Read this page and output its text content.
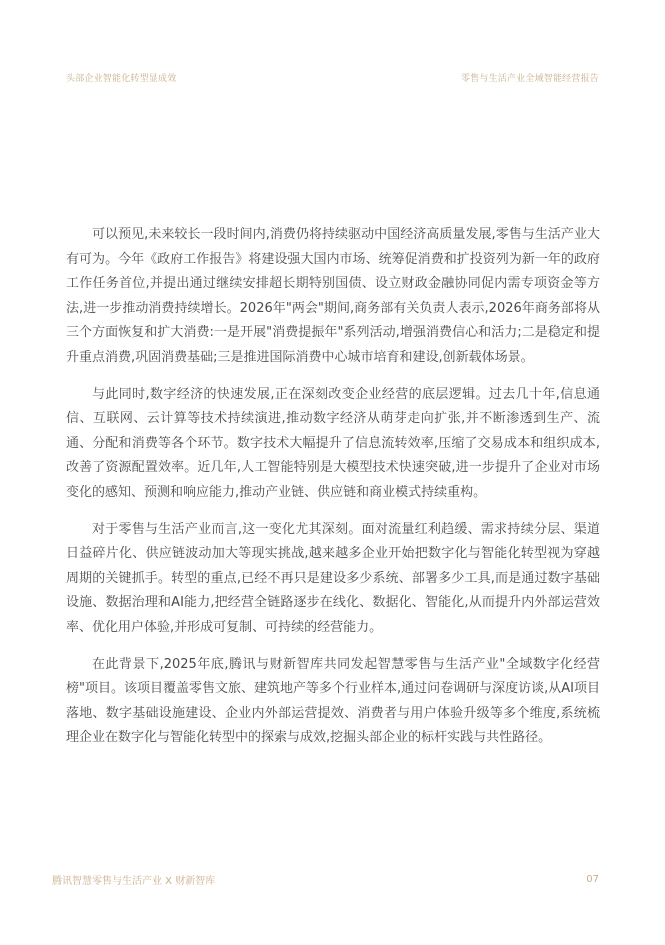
头部企业智能化转型显成效	零售与生活产业全域智能经营报告

可以预见,未来较长一段时间内,消费仍将持续驱动中国经济高质量发展,零售与生活产业大有可为。今年《政府工作报告》将建设强大国内市场、统筹促消费和扩投资列为新一年的政府工作任务首位,并提出通过继续安排超长期特别国债、设立财政金融协同促内需专项资金等方法,进一步推动消费持续增长。2026年"两会"期间,商务部有关负责人表示,2026年商务部将从三个方面恢复和扩大消费:一是开展"消费提振年"系列活动,增强消费信心和活力;二是稳定和提升重点消费,巩固消费基础;三是推进国际消费中心城市培育和建设,创新载体场景。

与此同时,数字经济的快速发展,正在深刻改变企业经营的底层逻辑。过去几十年,信息通信、互联网、云计算等技术持续演进,推动数字经济从萌芽走向扩张,并不断渗透到生产、流通、分配和消费等各个环节。数字技术大幅提升了信息流转效率,压缩了交易成本和组织成本,改善了资源配置效率。近几年,人工智能特别是大模型技术快速突破,进一步提升了企业对市场变化的感知、预测和响应能力,推动产业链、供应链和商业模式持续重构。

对于零售与生活产业而言,这一变化尤其深刻。面对流量红利趋缓、需求持续分层、渠道日益碎片化、供应链波动加大等现实挑战,越来越多企业开始把数字化与智能化转型视为穿越周期的关键抓手。转型的重点,已经不再只是建设多少系统、部署多少工具,而是通过数字基础设施、数据治理和AI能力,把经营全链路逐步在线化、数据化、智能化,从而提升内外部运营效率、优化用户体验,并形成可复制、可持续的经营能力。

在此背景下,2025年底,腾讯与财新智库共同发起智慧零售与生活产业"全域数字化经营榜"项目。该项目覆盖零售文旅、建筑地产等多个行业样本,通过问卷调研与深度访谈,从AI项目落地、数字基础设施建设、企业内外部运营提效、消费者与用户体验升级等多个维度,系统梳理企业在数字化与智能化转型中的探索与成效,挖掘头部企业的标杆实践与共性路径。

腾讯智慧零售与生活产业 X 财新智库	07
